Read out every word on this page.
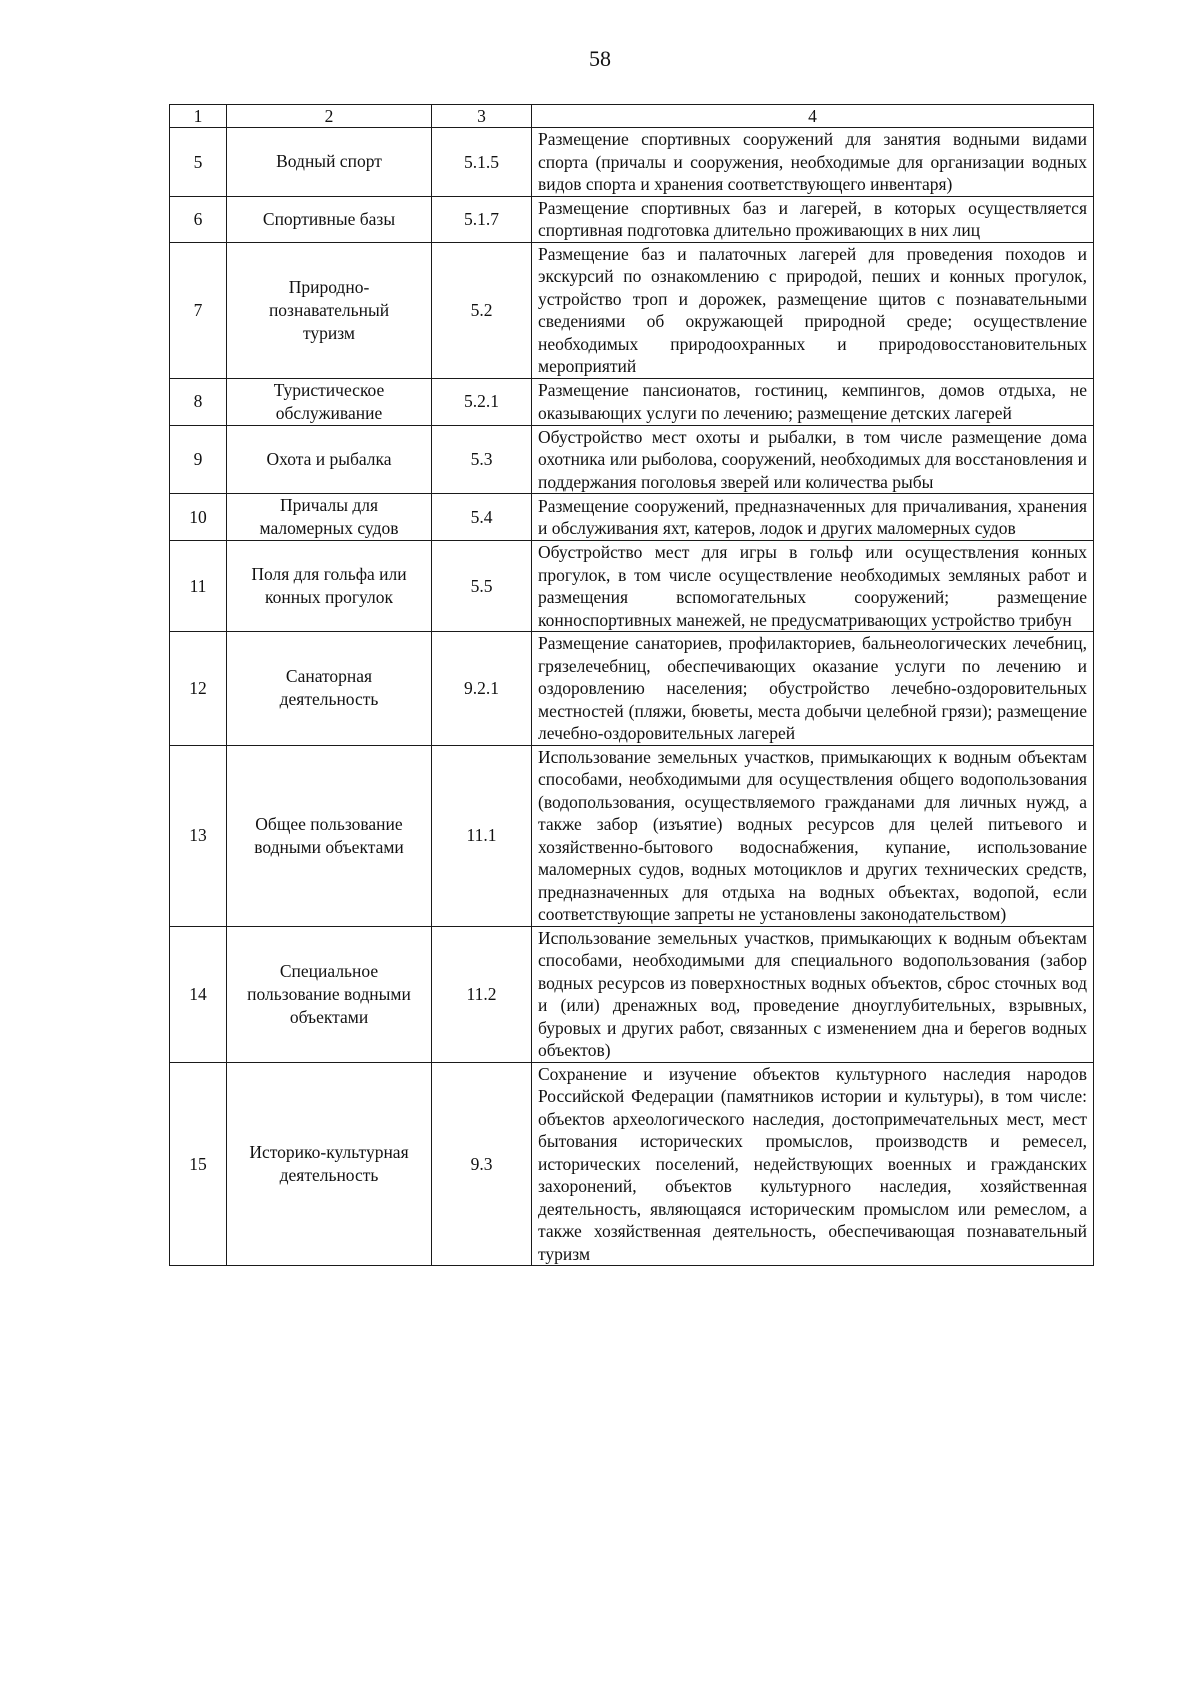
58
1	2	3	4
5	Водный спорт	5.1.5	Размещение спортивных сооружений для занятия водными видами спорта (причалы и сооружения, необходимые для организации водных видов спорта и хранения соответствующего инвентаря)
6	Спортивные базы	5.1.7	Размещение спортивных баз и лагерей, в которых осуществляется спортивная подготовка длительно проживающих в них лиц
7	Природно-познавательный туризм	5.2	Размещение баз и палаточных лагерей для проведения походов и экскурсий по ознакомлению с природой, пеших и конных прогулок, устройство троп и дорожек, размещение щитов с познавательными сведениями об окружающей природной среде; осуществление необходимых природоохранных и природовосстановительных мероприятий
8	Туристическое обслуживание	5.2.1	Размещение пансионатов, гостиниц, кемпингов, домов отдыха, не оказывающих услуги по лечению; размещение детских лагерей
9	Охота и рыбалка	5.3	Обустройство мест охоты и рыбалки, в том числе размещение дома охотника или рыболова, сооружений, необходимых для восстановления и поддержания поголовья зверей или количества рыбы
10	Причалы для маломерных судов	5.4	Размещение сооружений, предназначенных для причаливания, хранения и обслуживания яхт, катеров, лодок и других маломерных судов
11	Поля для гольфа или конных прогулок	5.5	Обустройство мест для игры в гольф или осуществления конных прогулок, в том числе осуществление необходимых земляных работ и размещения вспомогательных сооружений; размещение конноспортивных манежей, не предусматривающих устройство трибун
12	Санаторная деятельность	9.2.1	Размещение санаториев, профилакториев, бальнеологических лечебниц, грязелечебниц, обеспечивающих оказание услуги по лечению и оздоровлению населения; обустройство лечебно-оздоровительных местностей (пляжи, бюветы, места добычи целебной грязи); размещение лечебно-оздоровительных лагерей
13	Общее пользование водными объектами	11.1	Использование земельных участков, примыкающих к водным объектам способами, необходимыми для осуществления общего водопользования (водопользования, осуществляемого гражданами для личных нужд, а также забор (изъятие) водных ресурсов для целей питьевого и хозяйственно-бытового водоснабжения, купание, использование маломерных судов, водных мотоциклов и других технических средств, предназначенных для отдыха на водных объектах, водопой, если соответствующие запреты не установлены законодательством)
14	Специальное пользование водными объектами	11.2	Использование земельных участков, примыкающих к водным объектам способами, необходимыми для специального водопользования (забор водных ресурсов из поверхностных водных объектов, сброс сточных вод и (или) дренажных вод, проведение дноуглубительных, взрывных, буровых и других работ, связанных с изменением дна и берегов водных объектов)
15	Историко-культурная деятельность	9.3	Сохранение и изучение объектов культурного наследия народов Российской Федерации (памятников истории и культуры), в том числе: объектов археологического наследия, достопримечательных мест, мест бытования исторических промыслов, производств и ремесел, исторических поселений, недействующих военных и гражданских захоронений, объектов культурного наследия, хозяйственная деятельность, являющаяся историческим промыслом или ремеслом, а также хозяйственная деятельность, обеспечивающая познавательный туризм
